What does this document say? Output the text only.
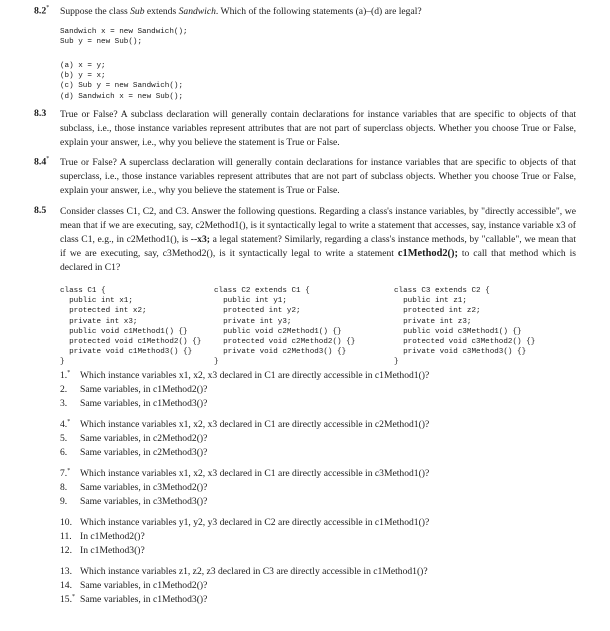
8.2* Suppose the class Sub extends Sandwich. Which of the following statements (a)–(d) are legal?
Sandwich x = new Sandwich();
Sub y = new Sub();
(a) x = y;
(b) y = x;
(c) Sub y = new Sandwich();
(d) Sandwich x = new Sub();
8.3 True or False? A subclass declaration will generally contain declarations for instance variables that are specific to objects of that subclass, i.e., those instance variables represent attributes that are not part of superclass objects. Whether you choose True or False, explain your answer, i.e., why you believe the statement is True or False.

8.4* True or False? A superclass declaration will generally contain declarations for instance variables that are specific to objects of that superclass, i.e., those instance variables represent attributes that are not part of subclass objects. Whether you choose True or False, explain your answer, i.e., why you believe the statement is True or False.

8.5 Consider classes C1, C2, and C3. Answer the following questions. Regarding a class's instance variables, by "directly accessible", we mean that if we are executing, say, c2Method1(), is it syntactically legal to write a statement that accesses, say, instance variable x3 of class C1, e.g., in c2Method1(), is --x3; a legal statement? Similarly, regarding a class's instance methods, by "callable", we mean that if we are executing, say, c3Method2(), is it syntactically legal to write a statement c1Method2(); to call that method which is declared in C1?

class C1 {
public int x1;
protected int x2;
private int x3;
public void c1Method1() {}
protected void c1Method2() {}
private void c1Method3() {}
}
class C2 extends C1 {
public int y1;
protected int y2;
private int y3;
public void c2Method1() {}
protected void c2Method2() {}
private void c2Method3() {}
}
class C3 extends C2 {
public int z1;
protected int z2;
private int z3;
public void c3Method1() {}
protected void c3Method2() {}
private void c3Method3() {}
}
1.* Which instance variables x1, x2, x3 declared in C1 are directly accessible in c1Method1()?
2. Same variables, in c1Method2()?
3. Same variables, in c1Method3()?
4.* Which instance variables x1, x2, x3 declared in C1 are directly accessible in c2Method1()?
5. Same variables, in c2Method2()?
6. Same variables, in c2Method3()?
7.* Which instance variables x1, x2, x3 declared in C1 are directly accessible in c3Method1()?
8. Same variables, in c3Method2()?
9. Same variables, in c3Method3()?
10. Which instance variables y1, y2, y3 declared in C2 are directly accessible in c1Method1()?
11. In c1Method2()?
12. In c1Method3()?
13. Which instance variables z1, z2, z3 declared in C3 are directly accessible in c1Method1()?
14. Same variables, in c1Method2()?
15.* Same variables, in c1Method3()?
